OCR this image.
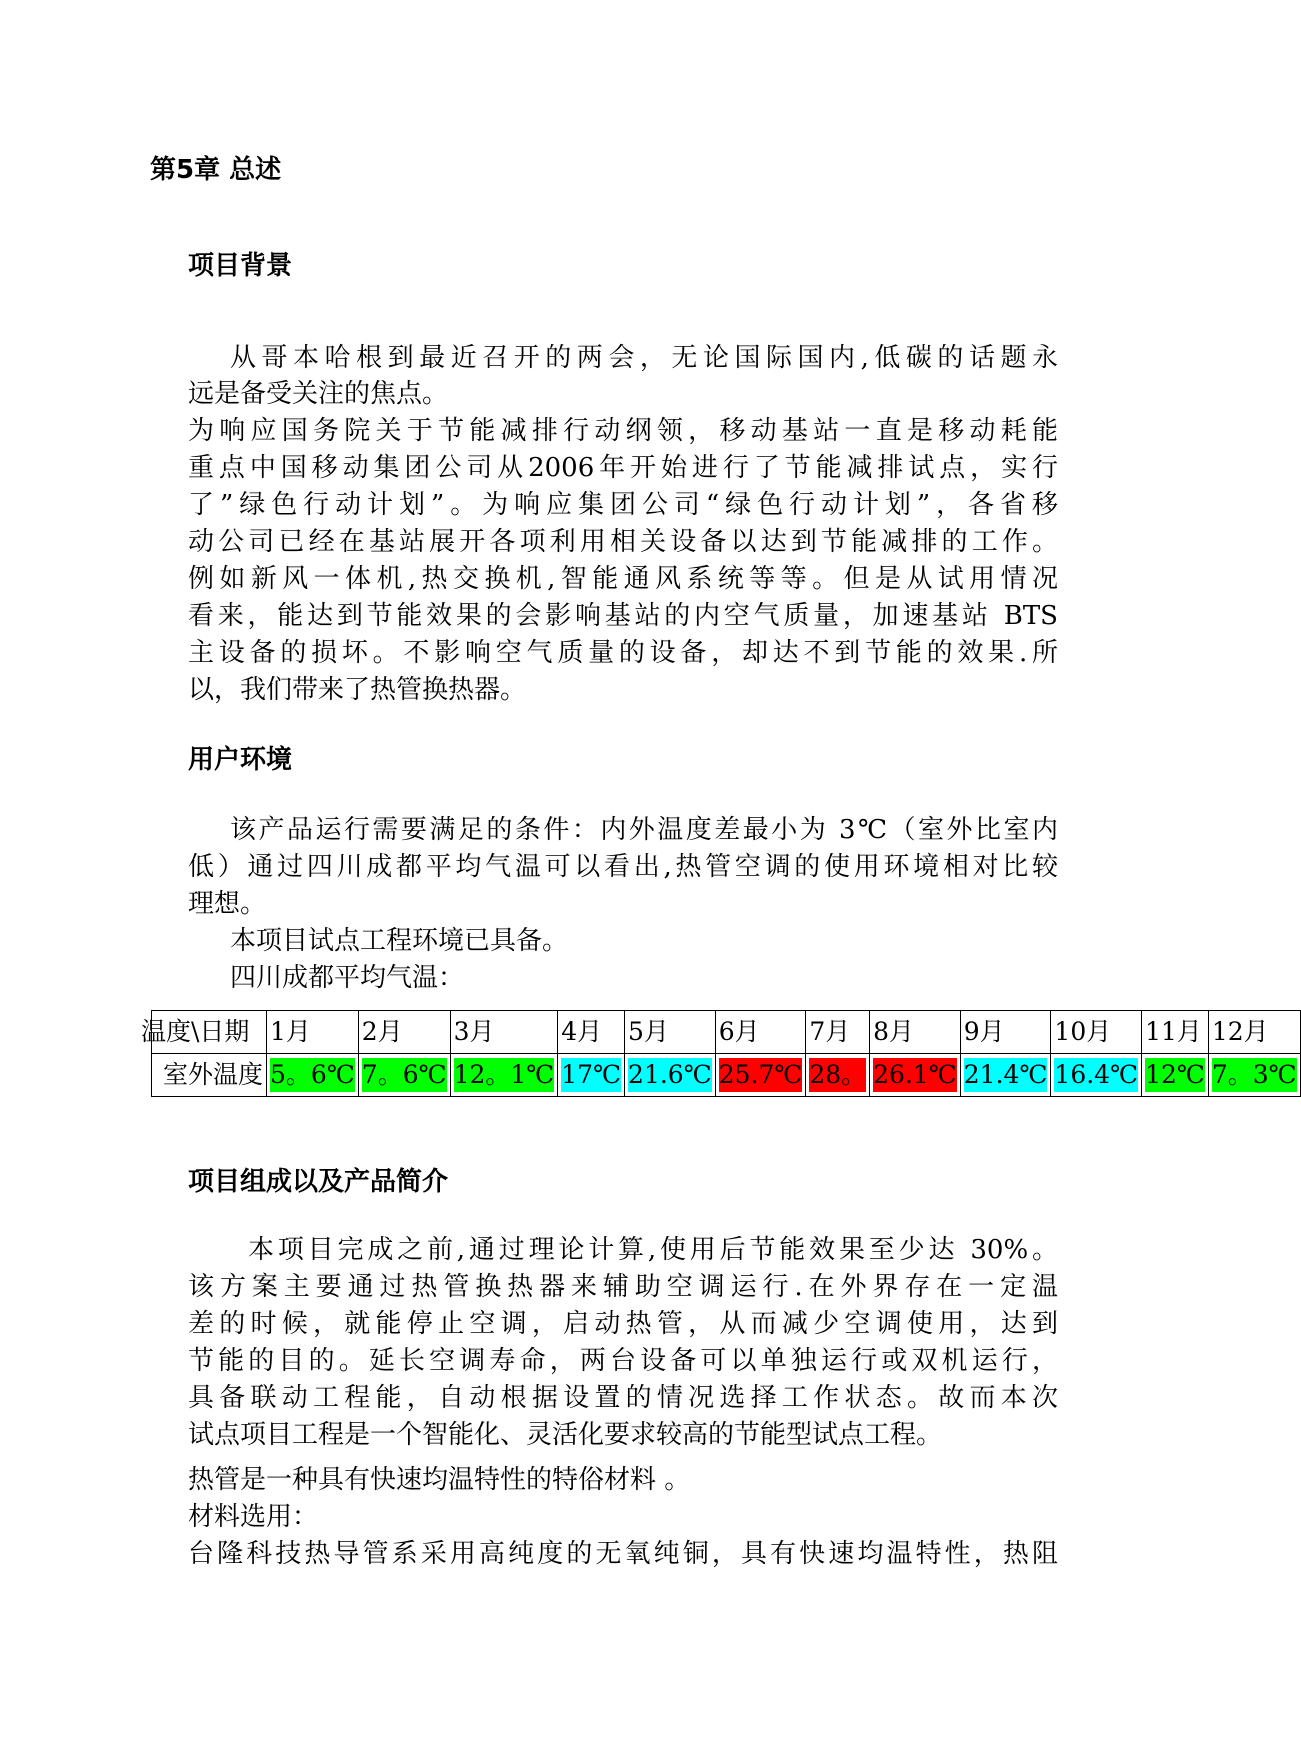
第5章 总述
项目背景
从哥本哈根到最近召开的两会，无论国际国内,低碳的话题永
远是备受关注的焦点。
为响应国务院关于节能减排行动纲领，移动基站一直是移动耗能
重点中国移动集团公司从2006年开始进行了节能减排试点，实行
了”绿色行动计划”。为响应集团公司“绿色行动计划”，各省移
动公司已经在基站展开各项利用相关设备以达到节能减排的工作。
例如新风一体机,热交换机,智能通风系统等等。但是从试用情况
看来，能达到节能效果的会影响基站的内空气质量，加速基站 BTS
主设备的损坏。不影响空气质量的设备，却达不到节能的效果.所
以，我们带来了热管换热器。
用户环境
该产品运行需要满足的条件：内外温度差最小为 3℃（室外比室内
低）通过四川成都平均气温可以看出,热管空调的使用环境相对比较
理想。
本项目试点工程环境已具备。
四川成都平均气温：
温度\日期	1月	2月	3月	4月	5月	6月	7月	8月	9月	10月	11月	12月
室外温度	5。6℃	7。6℃	12。1℃	17℃	21.6℃	25.7℃	28。	26.1℃	21.4℃	16.4℃	12℃	7。3℃
项目组成以及产品简介
本项目完成之前,通过理论计算,使用后节能效果至少达 30%。
该方案主要通过热管换热器来辅助空调运行.在外界存在一定温
差的时候，就能停止空调，启动热管，从而减少空调使用，达到
节能的目的。延长空调寿命，两台设备可以单独运行或双机运行，
具备联动工程能，自动根据设置的情况选择工作状态。故而本次
试点项目工程是一个智能化、灵活化要求较高的节能型试点工程。
热管是一种具有快速均温特性的特俗材料 。
材料选用：
台隆科技热导管系采用高纯度的无氧纯铜，具有快速均温特性，热阻
